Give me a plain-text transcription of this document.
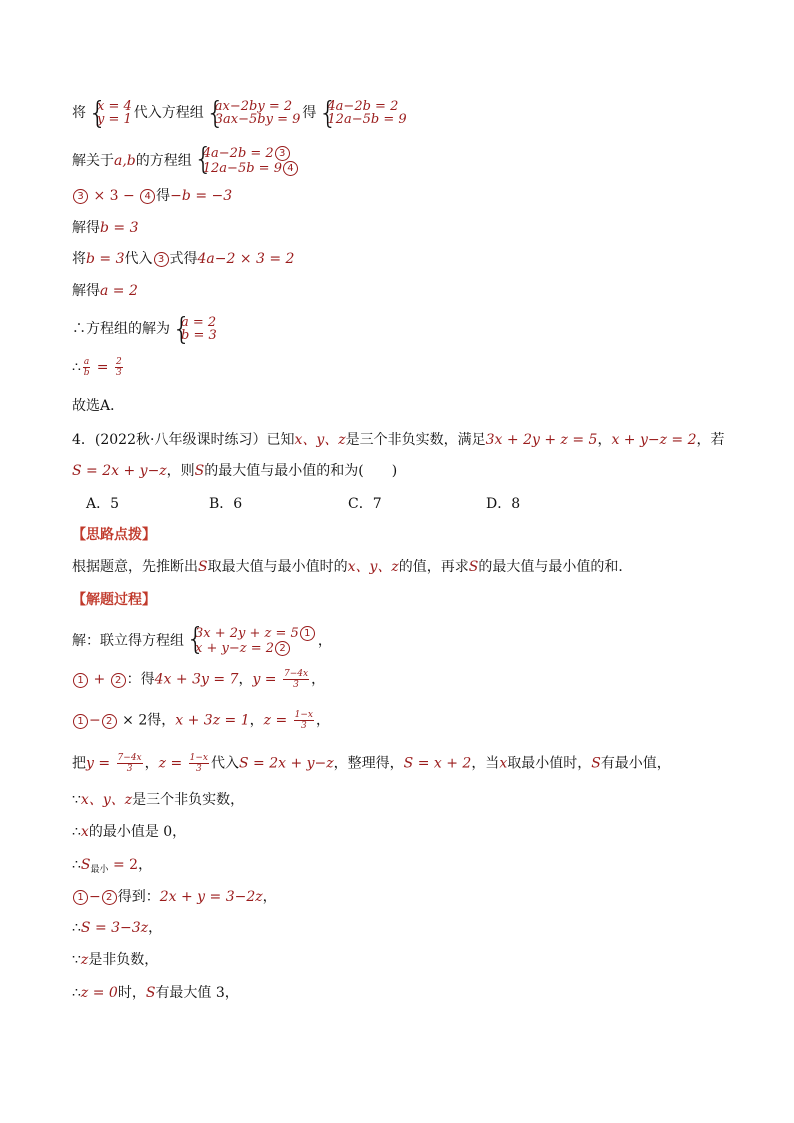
将 {
x = 4
y = 1 代入方程组 {
ax−2by = 2
3ax−5by = 9 得 {
4a−2b = 2
12a−5b = 9
解关于a,b的方程组 {
4a−2b = 2 3
12a−5b = 9 4
3 × 3 − 4 得−b = −3
解得b = 3
将b = 3代入 3 式得4a−2 × 3 = 2
解得a = 2
∴方程组的解为 {
a = 2
b = 3
∴ $\frac{a}{b} = \frac{2}{3}$
故选A．
4．(2022秋·八年级课时练习）已知x、y、z是三个非负实数，满足3x + 2y + z = 5，x + y−z = 2，若
S = 2x + y−z，则S的最大值与最小值的和为(　　)
A．5	B．6	C．7	D．8
【思路点拨】
根据题意，先推断出S取最大值与最小值时的x、y、z的值，再求S的最大值与最小值的和．
【解题过程】
解：联立得方程组 {
3x + 2y + z = 5 1
x + y−z = 2 2	，
1 + 2 ：得4x + 3y = 7，$y = \frac{7-4x}{3}$ ，
1 − 2 × 2得，x + 3z = 1，$z = \frac{1-x}{3}$ ，
把$y = \frac{7-4x}{3}$ ，$z = \frac{1-x}{3}$ 代入S = 2x + y−z，整理得，S = x + 2，当x取最小值时，S有最小值，
∵x、y、z是三个非负实数，
∴x的最小值是 0，
$\therefore S_{最小} = 2$，
1 − 2 得到：2x + y = 3−2z，
∴S = 3−3z，
∵z是非负数，
∴z = 0时，S有最大值 3，
